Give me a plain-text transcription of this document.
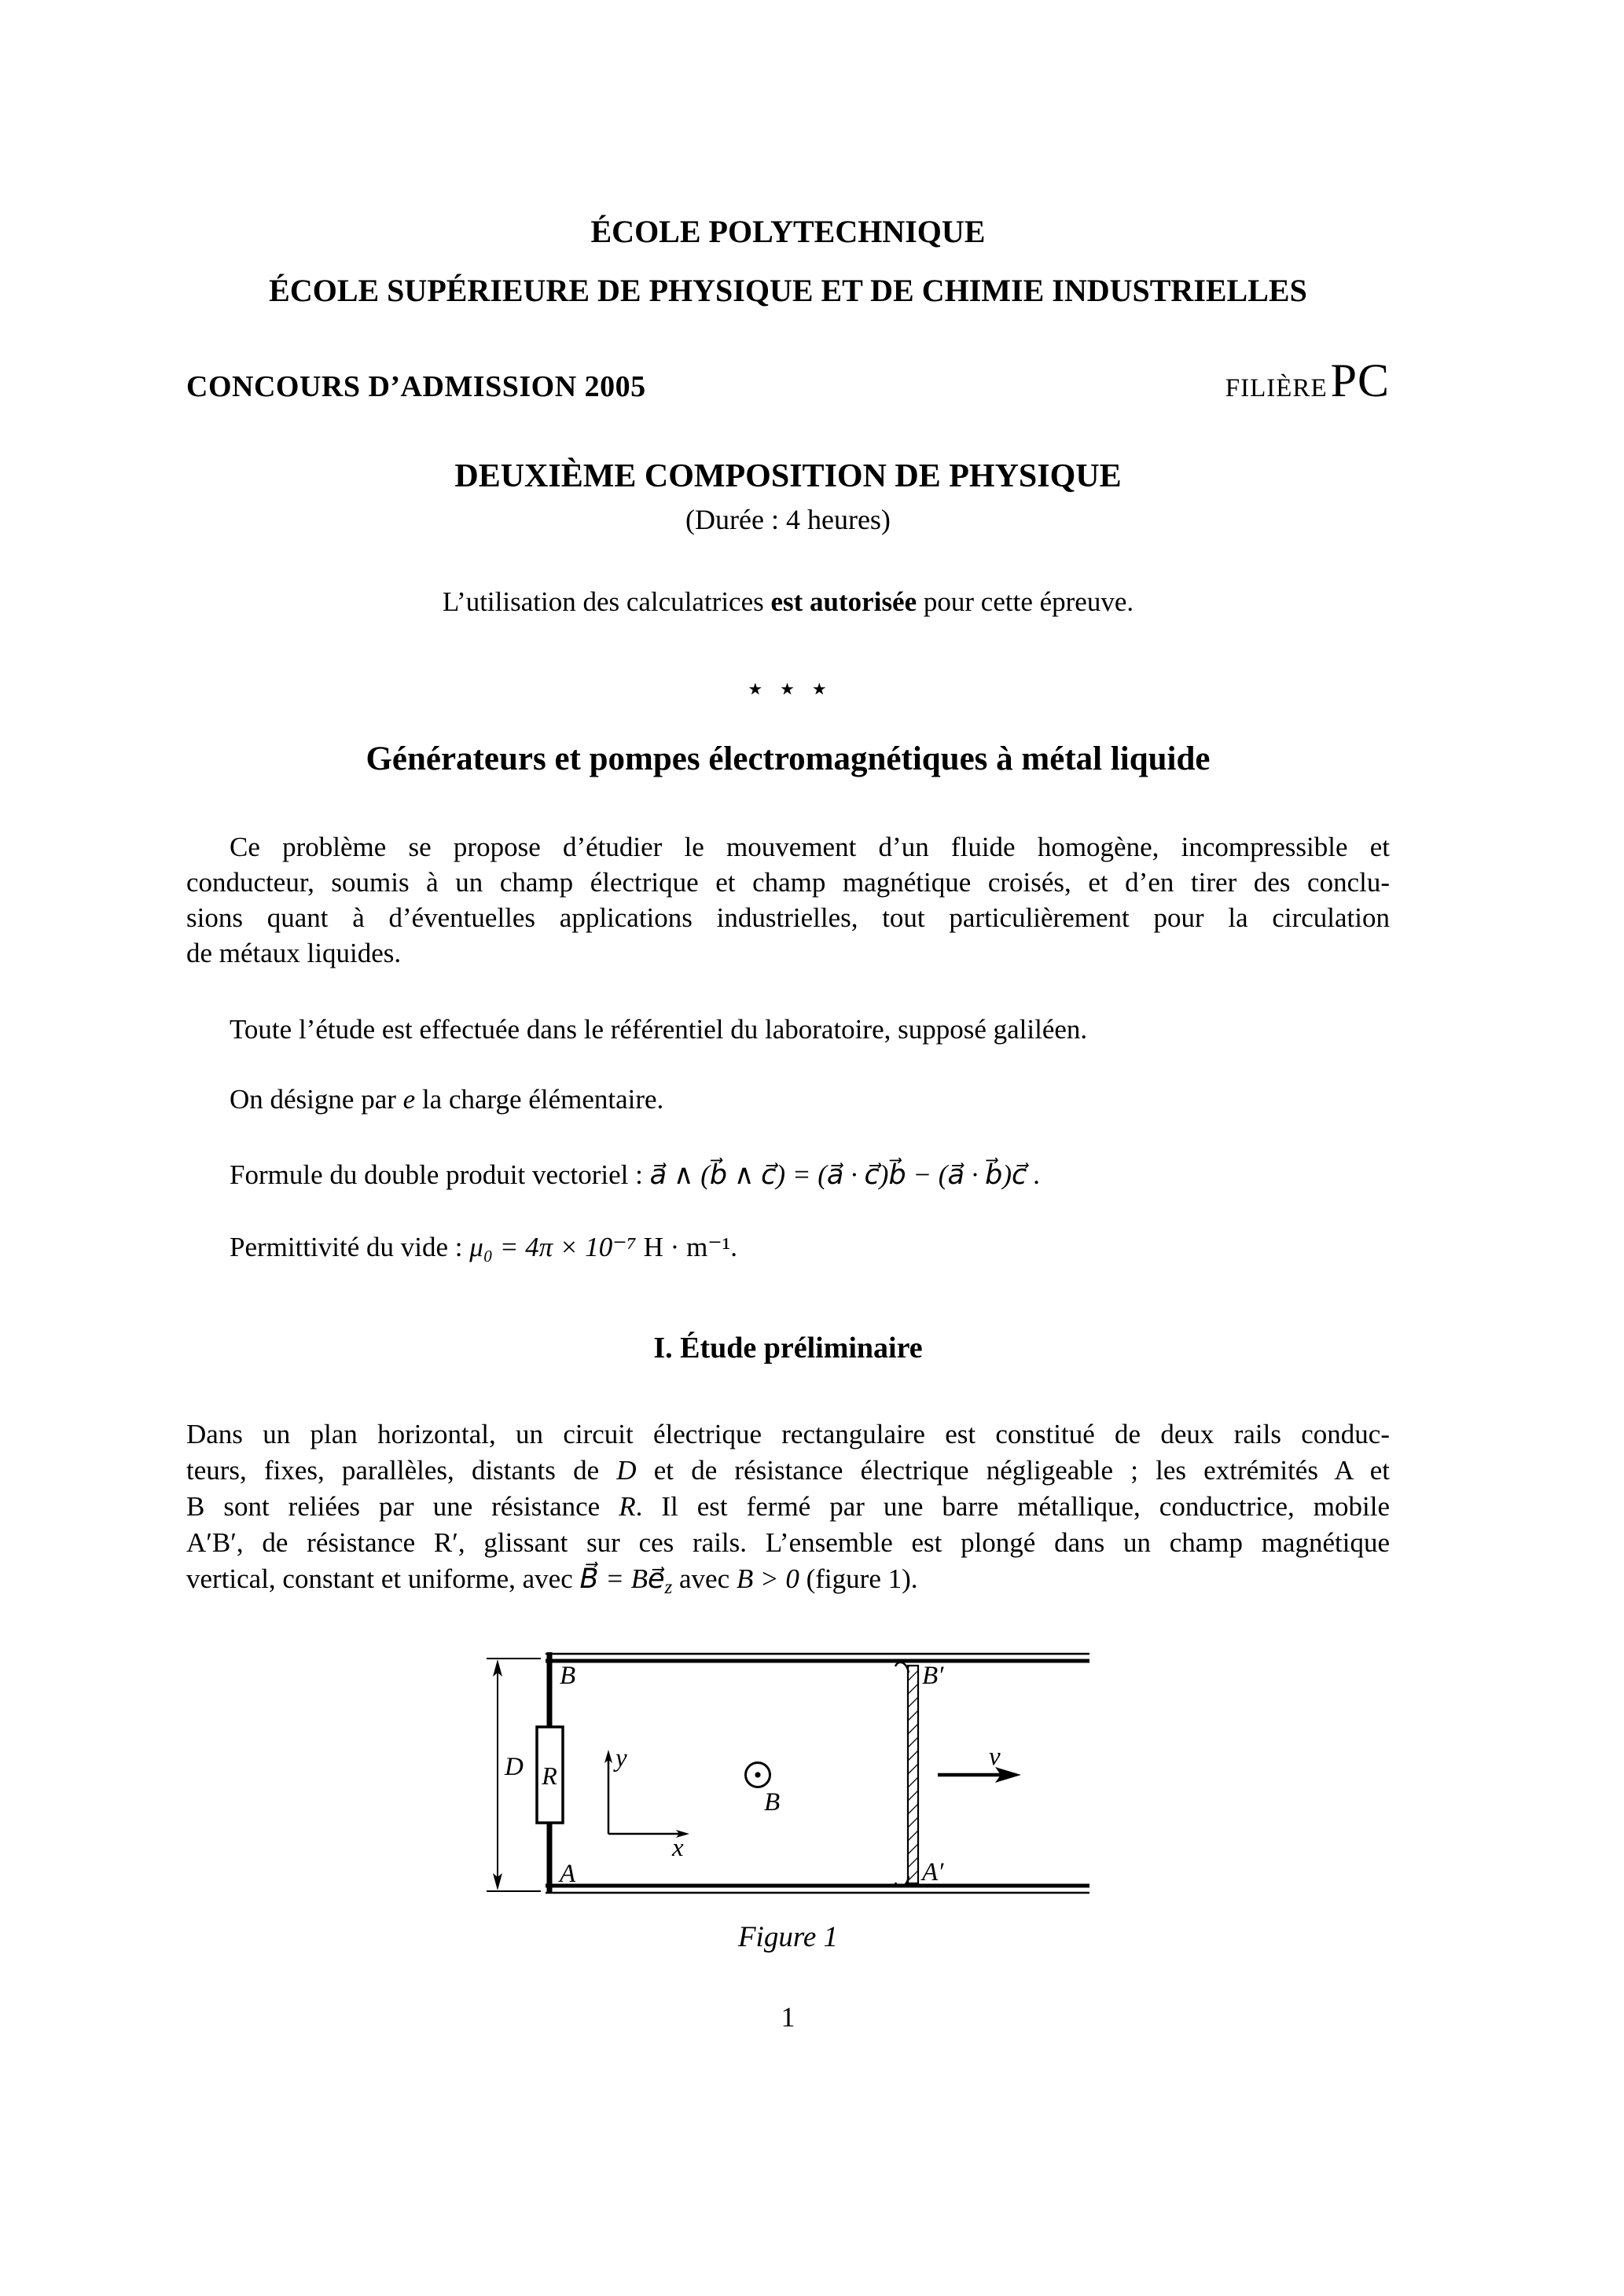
ÉCOLE POLYTECHNIQUE
ÉCOLE SUPÉRIEURE DE PHYSIQUE ET DE CHIMIE INDUSTRIELLES
CONCOURS D’ADMISSION 2005	FILIÈRE PC
DEUXIÈME COMPOSITION DE PHYSIQUE
(Durée : 4 heures)
L’utilisation des calculatrices est autorisée pour cette épreuve.
⋆ ⋆ ⋆
Générateurs et pompes électromagnétiques à métal liquide
Ce problème se propose d’étudier le mouvement d’un fluide homogène, incompressible et
conducteur, soumis à un champ électrique et champ magnétique croisés, et d’en tirer des conclu-
sions quant à d’éventuelles applications industrielles, tout particulièrement pour la circulation
de métaux liquides.
Toute l’étude est effectuée dans le référentiel du laboratoire, supposé galiléen.
On désigne par e la charge élémentaire.
Formule du double produit vectoriel : a⃗ ∧ (b⃗ ∧ c⃗) = (a⃗ · c⃗)b⃗ − (a⃗ · b⃗)c⃗ .
Permittivité du vide : μ₀ = 4π × 10⁻⁷ H · m⁻¹.
I. Étude préliminaire
Dans un plan horizontal, un circuit électrique rectangulaire est constitué de deux rails conduc-
teurs, fixes, parallèles, distants de D et de résistance électrique négligeable ; les extrémités A et
B sont reliées par une résistance R. Il est fermé par une barre métallique, conductrice, mobile
A′B′, de résistance R′, glissant sur ces rails. L’ensemble est plongé dans un champ magnétique
vertical, constant et uniforme, avec B⃗ = $Be⃗_z$ avec B > 0 (figure 1).
R
B
A
D	y
x
B
B′
A′
v
Figure 1
1
